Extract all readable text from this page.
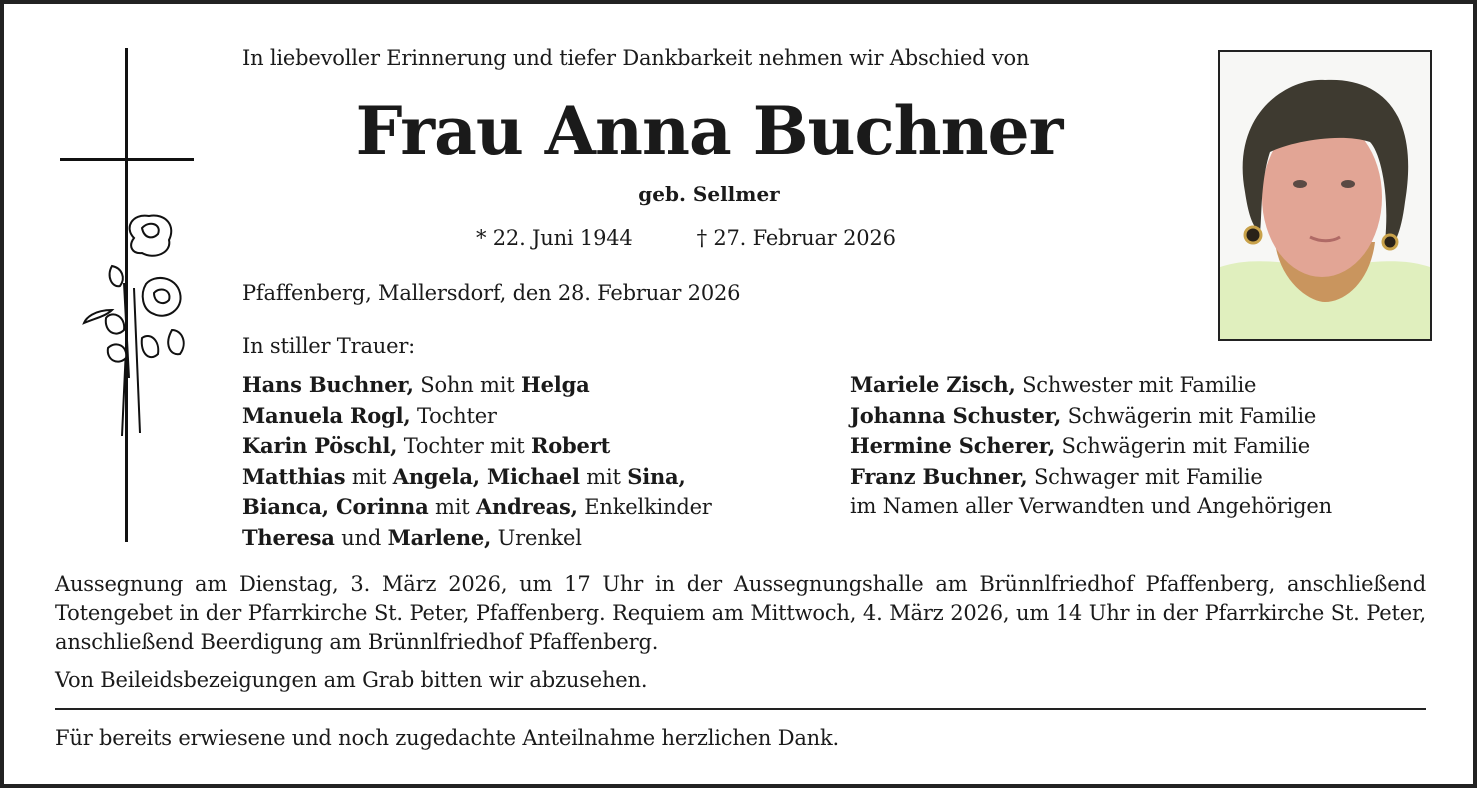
In liebevoller Erinnerung und tiefer Dankbarkeit nehmen wir Abschied von
Frau Anna Buchner
geb. Sellmer
* 22. Juni 1944	† 27. Februar 2026
Pfaffenberg, Mallersdorf, den 28. Februar 2026
In stiller Trauer:
Hans Buchner, Sohn mit Helga
Manuela Rogl, Tochter
Karin Pöschl, Tochter mit Robert
Matthias mit Angela, Michael mit Sina,
Bianca, Corinna mit Andreas, Enkelkinder
Theresa und Marlene, Urenkel
Mariele Zisch, Schwester mit Familie
Johanna Schuster, Schwägerin mit Familie
Hermine Scherer, Schwägerin mit Familie
Franz Buchner, Schwager mit Familie
im Namen aller Verwandten und Angehörigen
Aussegnung am Dienstag, 3. März 2026, um 17 Uhr in der Aussegnungshalle am Brünnlfriedhof Pfaffenberg, anschließend Totengebet in der Pfarrkirche St. Peter, Pfaffenberg. Requiem am Mittwoch, 4. März 2026, um 14 Uhr in der Pfarrkirche St. Peter, anschließend Beerdigung am Brünnlfriedhof Pfaffenberg.
Von Beileidsbezeigungen am Grab bitten wir abzusehen.
Für bereits erwiesene und noch zugedachte Anteilnahme herzlichen Dank.
